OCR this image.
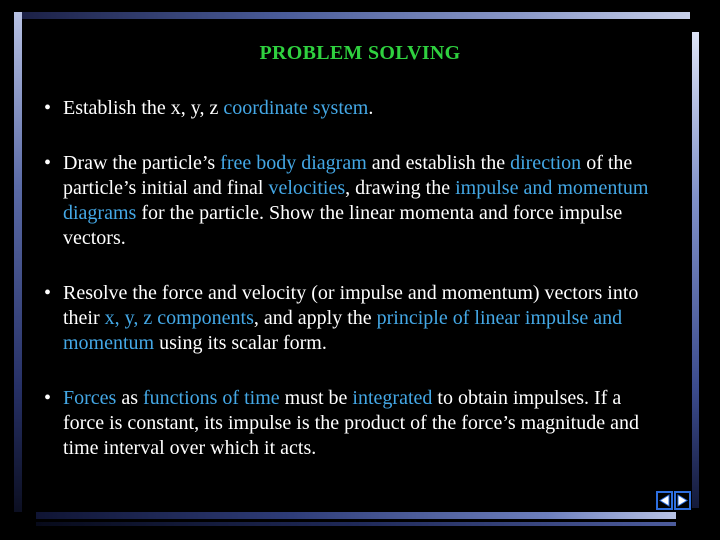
PROBLEM SOLVING
• Establish the x, y, z coordinate system.
• Draw the particle’s free body diagram and establish the direction of the particle’s initial and final velocities, drawing the impulse and momentum diagrams for the particle. Show the linear momenta and force impulse vectors.
• Resolve the force and velocity (or impulse and momentum) vectors into their x, y, z components, and apply the principle of linear impulse and momentum using its scalar form.
• Forces as functions of time must be integrated to obtain impulses. If a force is constant, its impulse is the product of the force’s magnitude and time interval over which it acts.
